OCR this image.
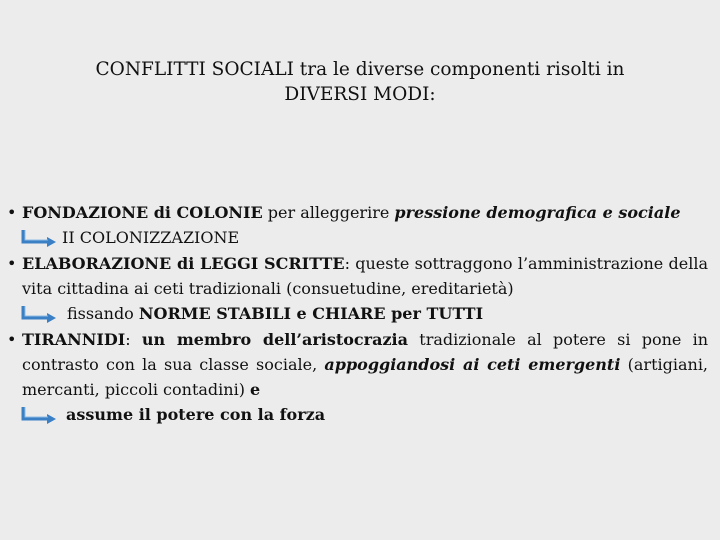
CONFLITTI SOCIALI tra le diverse componenti risolti in
DIVERSI MODI:
• FONDAZIONE di COLONIE per alleggerire pressione demografica e sociale
II COLONIZZAZIONE
• ELABORAZIONE di LEGGI SCRITTE: queste sottraggono l’amministrazione della vita cittadina ai ceti tradizionali (consuetudine, ereditarietà)
fissando NORME STABILI e CHIARE per TUTTI
• TIRANNIDI: un membro dell’aristocrazia tradizionale al potere si pone in contrasto con la sua classe sociale, appoggiandosi ai ceti emergenti (artigiani, mercanti, piccoli contadini) e
assume il potere con la forza
